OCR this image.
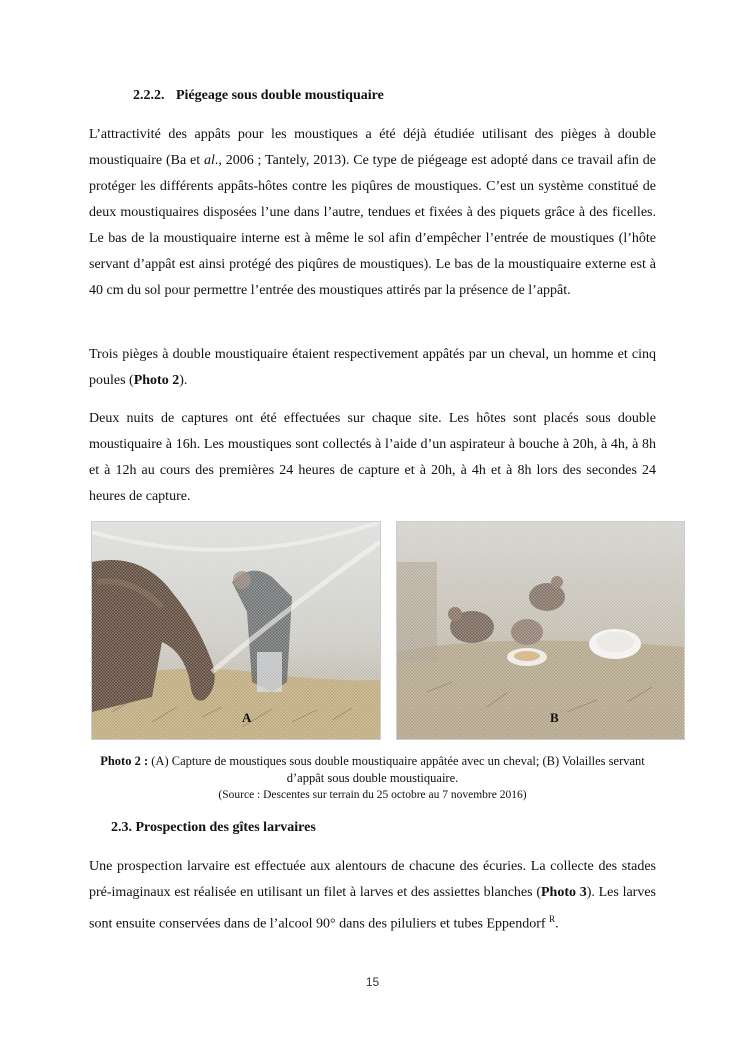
2.2.2. Piégeage sous double moustiquaire

L’attractivité des appâts pour les moustiques a été déjà étudiée utilisant des pièges à double moustiquaire (Ba et al., 2006 ; Tantely, 2013). Ce type de piégeage est adopté dans ce travail afin de protéger les différents appâts-hôtes contre les piqûres de moustiques. C’est un système constitué de deux moustiquaires disposées l’une dans l’autre, tendues et fixées à des piquets grâce à des ficelles. Le bas de la moustiquaire interne est à même le sol afin d’empêcher l’entrée de moustiques (l’hôte servant d’appât est ainsi protégé des piqûres de moustiques). Le bas de la moustiquaire externe est à 40 cm du sol pour permettre l’entrée des moustiques attirés par la présence de l’appât.

Trois pièges à double moustiquaire étaient respectivement appâtés par un cheval, un homme et cinq poules (Photo 2).

Deux nuits de captures ont été effectuées sur chaque site. Les hôtes sont placés sous double moustiquaire à 16h. Les moustiques sont collectés à l’aide d’un aspirateur à bouche à 20h, à 4h, à 8h et à 12h au cours des premières 24 heures de capture et à 20h, à 4h et à 8h lors des secondes 24 heures de capture.

A	B
Photo 2 : (A) Capture de moustiques sous double moustiquaire appâtée avec un cheval; (B) Volailles servant d’appât sous double moustiquaire.
(Source : Descentes sur terrain du 25 octobre au 7 novembre 2016)
2.3. Prospection des gîtes larvaires

Une prospection larvaire est effectuée aux alentours de chacune des écuries. La collecte des stades pré-imaginaux est réalisée en utilisant un filet à larves et des assiettes blanches (Photo 3). Les larves sont ensuite conservées dans de l’alcool 90° dans des piluliers et tubes Eppendorf $^R$.

15
